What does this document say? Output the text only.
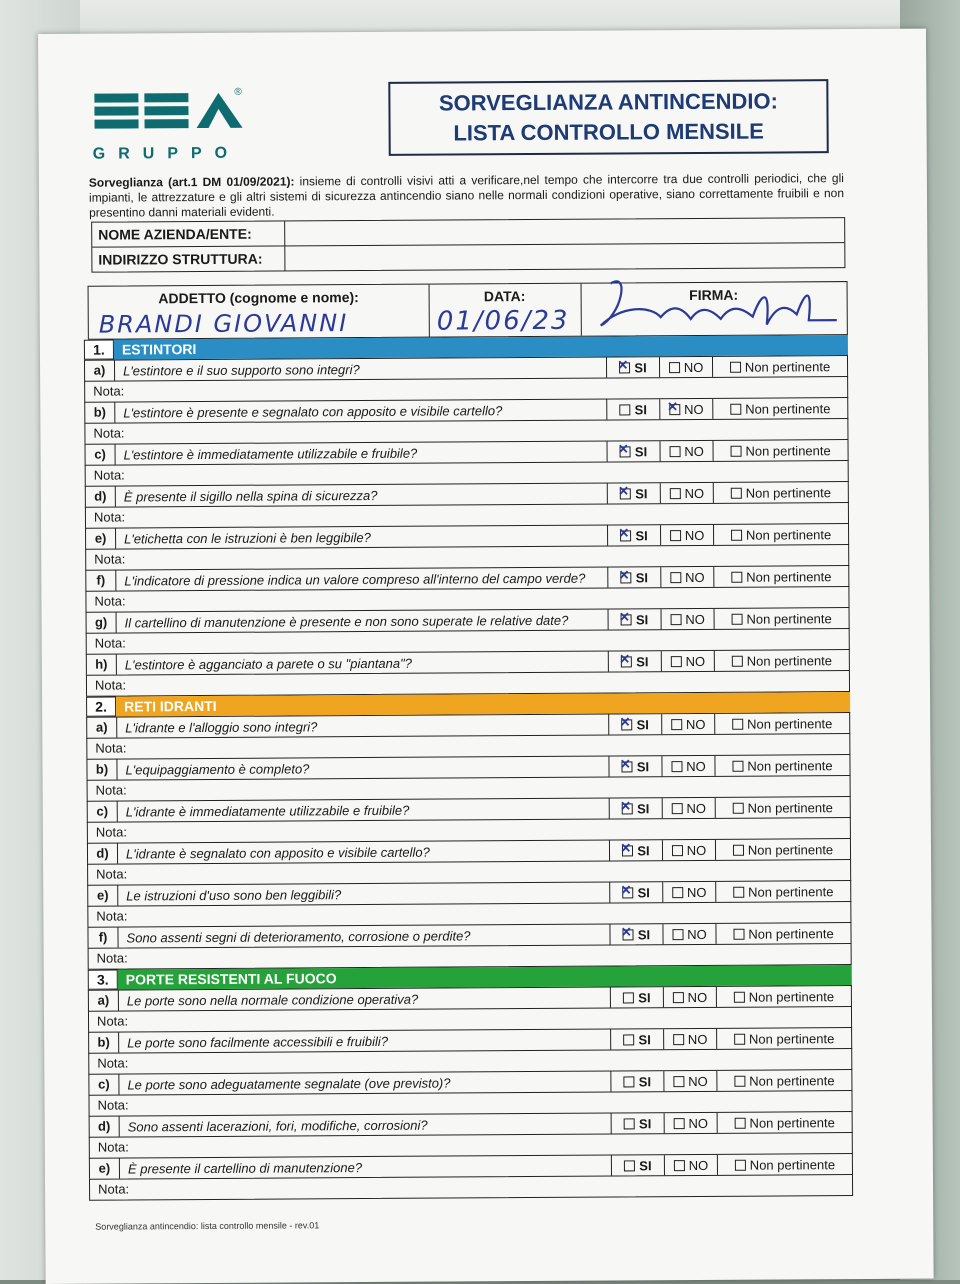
®
GRUPPO
SORVEGLIANZA ANTINCENDIO:
LISTA CONTROLLO MENSILE
Sorveglianza (art.1 DM 01/09/2021): insieme di controlli visivi atti a verificare,nel tempo che intercorre tra due controlli periodici, che gli impianti, le attrezzature e gli altri sistemi di sicurezza antincendio siano nelle normali condizioni operative, siano correttamente fruibili e non presentino danni materiali evidenti.
NOME AZIENDA/ENTE:
INDIRIZZO STRUTTURA:
ADDETTO (cognome e nome):
BRANDI GIOVANNI
DATA:
01/06/23
FIRMA:
1.	ESTINTORI
a)	L'estintore e il suo supporto sono integri? ✕	SI	NO	Non pertinente
Nota:
b)	L'estintore è presente e segnalato con apposito e visibile cartello?	SI ✕	NO	Non pertinente
Nota:
c)	L'estintore è immediatamente utilizzabile e fruibile? ✕	SI	NO	Non pertinente
Nota:
d)	È presente il sigillo nella spina di sicurezza? ✕	SI	NO	Non pertinente
Nota:
e)	L'etichetta con le istruzioni è ben leggibile? ✕	SI	NO	Non pertinente
Nota:
f)	L'indicatore di pressione indica un valore compreso all'interno del campo verde? ✕	SI	NO	Non pertinente
Nota:
g)	Il cartellino di manutenzione è presente e non sono superate le relative date? ✕	SI	NO	Non pertinente
Nota:
h)	L'estintore è agganciato a parete o su "piantana"? ✕	SI	NO	Non pertinente
Nota:
2.	RETI IDRANTI
a)	L'idrante e l'alloggio sono integri? ✕	SI	NO	Non pertinente
Nota:
b)	L'equipaggiamento è completo? ✕	SI	NO	Non pertinente
Nota:
c)	L'idrante è immediatamente utilizzabile e fruibile? ✕	SI	NO	Non pertinente
Nota:
d)	L'idrante è segnalato con apposito e visibile cartello? ✕	SI	NO	Non pertinente
Nota:
e)	Le istruzioni d'uso sono ben leggibili? ✕	SI	NO	Non pertinente
Nota:
f)	Sono assenti segni di deterioramento, corrosione o perdite? ✕	SI	NO	Non pertinente
Nota:
3.	PORTE RESISTENTI AL FUOCO
a)	Le porte sono nella normale condizione operativa?	SI	NO	Non pertinente
Nota:
b)	Le porte sono facilmente accessibili e fruibili?	SI	NO	Non pertinente
Nota:
c)	Le porte sono adeguatamente segnalate (ove previsto)?	SI	NO	Non pertinente
Nota:
d)	Sono assenti lacerazioni, fori, modifiche, corrosioni?	SI	NO	Non pertinente
Nota:
e)	È presente il cartellino di manutenzione?	SI	NO	Non pertinente
Nota:
Sorveglianza antincendio: lista controllo mensile - rev.01
